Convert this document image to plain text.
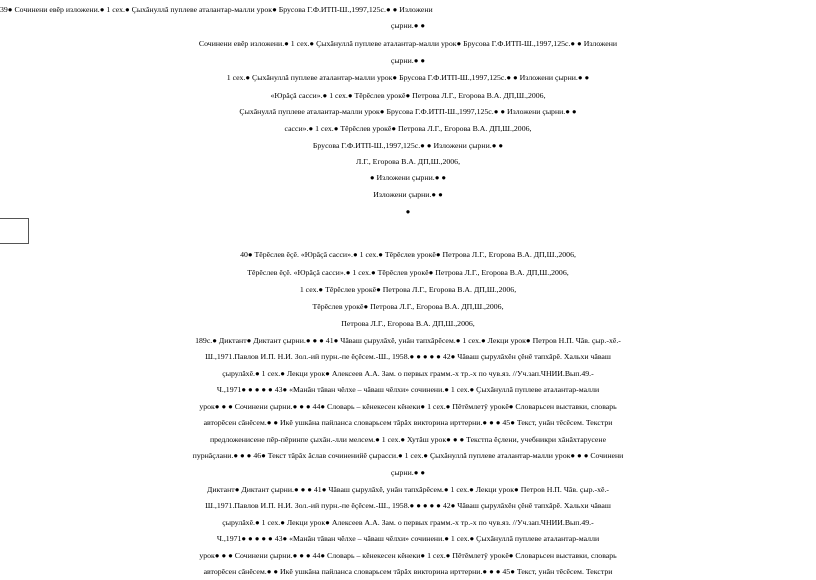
39● Сочинени евĕр изложени.● 1 сех.● Çыхăнуллă пуплеве аталантар-малли урок● Брусова Г.Ф.ИТП-Ш.,1997,125с.● ● Изложени
çырни.● ●
Сочинени евĕр изложени.● 1 сех.● Çыхăнуллă пуплеве аталантар-малли урок● Брусова Г.Ф.ИТП-Ш.,1997,125с.● ● Изложени
çырни.● ●
1 сех.● Çыхăнуллă пуплеве аталантар-малли урок● Брусова Г.Ф.ИТП-Ш.,1997,125с.● ● Изложени çырни.● ●
«Юрăçă сасси».● 1 сех.● Тĕрĕслев урокĕ● Петрова Л.Г., Егорова В.А. ДП,Ш.,2006,
Çыхăнуллă пуплеве аталантар-малли урок● Брусова Г.Ф.ИТП-Ш.,1997,125с.● ● Изложени çырни.● ●
сасси».● 1 сех.● Тĕрĕслев урокĕ● Петрова Л.Г., Егорова В.А. ДП,Ш.,2006,
Брусова Г.Ф.ИТП-Ш.,1997,125с.● ● Изложени çырни.● ●
Л.Г., Егорова В.А. ДП,Ш.,2006,
● Изложени çырни.● ●
Изложени çырни.● ●
●
40● Тĕрĕслев ĕçĕ. «Юрăçă сасси».● 1 сех.● Тĕрĕслев урокĕ● Петрова Л.Г., Егорова В.А. ДП,Ш.,2006,
Тĕрĕслев ĕçĕ. «Юрăçă сасси».● 1 сех.● Тĕрĕслев урокĕ● Петрова Л.Г., Егорова В.А. ДП,Ш.,2006,
1 сех.● Тĕрĕслев урокĕ● Петрова Л.Г., Егорова В.А. ДП,Ш.,2006,
Тĕрĕслев урокĕ● Петрова Л.Г., Егорова В.А. ДП,Ш.,2006,
Петрова Л.Г., Егорова В.А. ДП,Ш.,2006,
189с.● Диктант● Диктант çырни.● ● ● 41● Чăваш çырулăхĕ, унăн тапхăрĕсем.● 1 сех.● Лекци урок● Петров Н.П. Чăв. çыр.-хĕ.-
Ш.,1971.Павлов И.П. Н.И. Зол.-ий пурн.-пе ĕçĕсем.-Ш., 1958.● ● ● ● ● 42● Чăваш çырулăхĕн çĕнĕ тапхăрĕ. Хальхи чăваш
çырулăхĕ.● 1 сех.● Лекци урок● Алексеев А.А. Зам. о первых грамм.-х тр.-х по чув.яз. //Уч.зап.ЧНИИ.Вып.49.-
Ч.,1971● ● ● ● ● 43● «Манăн тăван чĕлхе – чăваш чĕлхи» сочинени.● 1 сех.● Çыхăнуллă пуплеве аталантар-малли
урок● ● ● Сочинени çырни.● ● ● 44● Словарь – кĕнекесен кĕнеки● 1 сех.● Пĕтĕмлетÿ урокĕ● Словарьсен выставки, словарь
авторĕсен сăнĕсем.● ● Икĕ ушкăна пайланса словарьсем тăрăх викторина ирттерни.● ● ● 45● Текст, унăн тĕсĕсем. Текстри
предложенисене пĕр-пĕринпе çыхăн.-лли мелсем.● 1 сех.● Хутăш урок● ● ● Текстпа ĕçлени, учебникри хăнăхтарусене
пурнăçлани.● ● ● 46● Текст тăрăх ăслав сочиненийĕ çырасси.● 1 сех.● Çыхăнуллă пуплеве аталантар-малли урок● ● ● Сочинени
çырни.● ●
Диктант● Диктант çырни.● ● ● 41● Чăваш çырулăхĕ, унăн тапхăрĕсем.● 1 сех.● Лекци урок● Петров Н.П. Чăв. çыр.-хĕ.-
Ш.,1971.Павлов И.П. Н.И. Зол.-ий пурн.-пе ĕçĕсем.-Ш., 1958.● ● ● ● ● 42● Чăваш çырулăхĕн çĕнĕ тапхăрĕ. Хальхи чăваш
çырулăхĕ.● 1 сех.● Лекци урок● Алексеев А.А. Зам. о первых грамм.-х тр.-х по чув.яз. //Уч.зап.ЧНИИ.Вып.49.-
Ч.,1971● ● ● ● ● 43● «Манăн тăван чĕлхе – чăваш чĕлхи» сочинени.● 1 сех.● Çыхăнуллă пуплеве аталантар-малли
урок● ● ● Сочинени çырни.● ● ● 44● Словарь – кĕнекесен кĕнеки● 1 сех.● Пĕтĕмлетÿ урокĕ● Словарьсен выставки, словарь
авторĕсен сăнĕсем.● ● Икĕ ушкăна пайланса словарьсем тăрăх викторина ирттерни.● ● ● 45● Текст, унăн тĕсĕсем. Текстри
